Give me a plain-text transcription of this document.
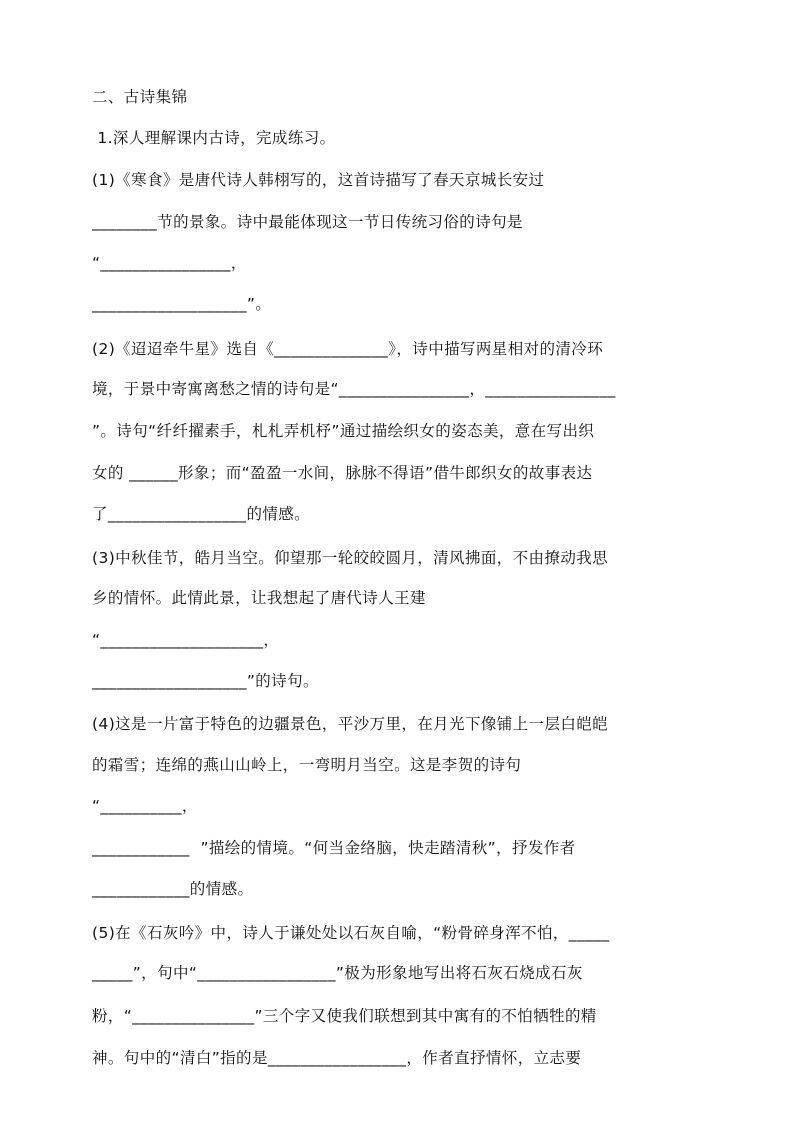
二、古诗集锦

1.深人理解课内古诗，完成练习。

(1)《寒食》是唐代诗人韩栩写的，这首诗描写了春天京城长安过

________节的景象。诗中最能体现这一节日传统习俗的诗句是

“________________，

___________________”。

(2)《迢迢牵牛星》选自《______________》，诗中描写两星相对的清冷环

境，于景中寄寓离愁之情的诗句是“________________，________________

”。诗句“纤纤擢素手，札札弄机杼”通过描绘织女的姿态美，意在写出织

女的 ______形象；而“盈盈一水间，脉脉不得语”借牛郎织女的故事表达

了_________________的情感。

(3)中秋佳节，皓月当空。仰望那一轮皎皎圆月，清风拂面，不由撩动我思

乡的情怀。此情此景，让我想起了唐代诗人王建

“____________________，

___________________”的诗句。

(4)这是一片富于特色的边疆景色，平沙万里，在月光下像铺上一层白皑皑

的霜雪；连绵的燕山山岭上，一弯明月当空。这是李贺的诗句

“__________，

____________  ”描绘的情境。“何当金络脑，快走踏清秋”，抒发作者

____________的情感。

(5)在《石灰吟》中，诗人于谦处处以石灰自喻，“粉骨碎身浑不怕，_____

_____”，句中“_________________”极为形象地写出将石灰石烧成石灰

粉，“_______________”三个字又使我们联想到其中寓有的不怕牺牲的精

神。句中的“清白”指的是_________________，作者直抒情怀，立志要
